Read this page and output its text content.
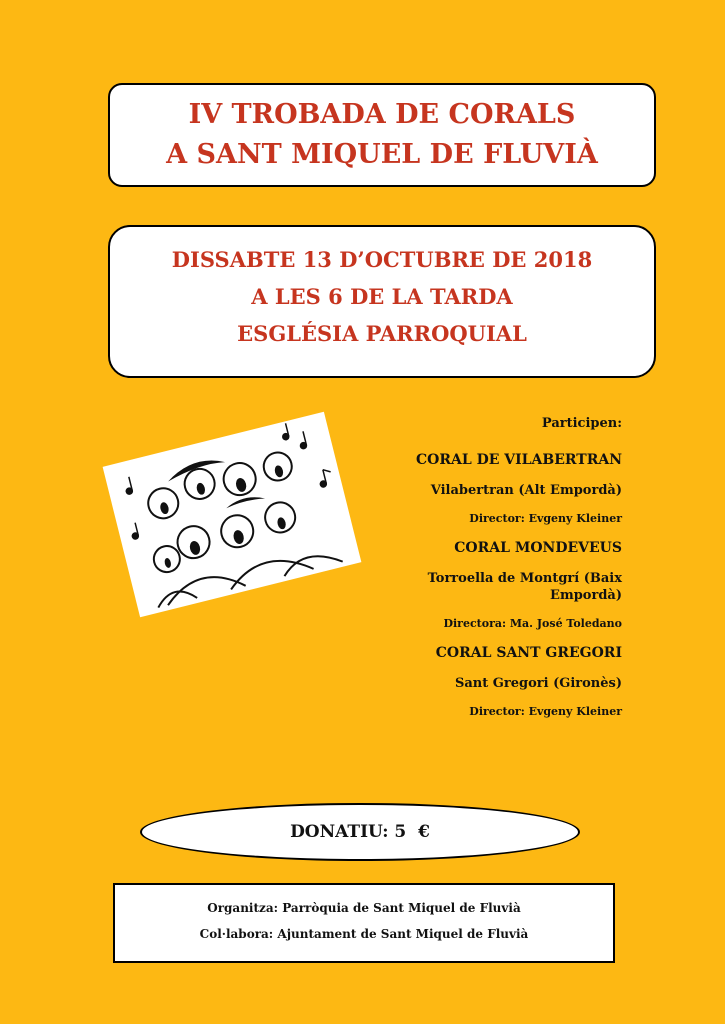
IV TROBADA DE CORALS
A SANT MIQUEL DE FLUVIÀ
DISSABTE 13 D’OCTUBRE DE 2018
A LES 6 DE LA TARDA
ESGLÉSIA PARROQUIAL
Participen:
CORAL DE VILABERTRAN
Vilabertran (Alt Empordà)
Director: Evgeny Kleiner
CORAL MONDEVEUS
Torroella de Montgrí (Baix Empordà)
Directora: Ma. José Toledano
CORAL SANT GREGORI
Sant Gregori (Gironès)
Director: Evgeny Kleiner
DONATIU: 5  €
Organitza: Parròquia de Sant Miquel de Fluvià
Col·labora: Ajuntament de Sant Miquel de Fluvià
